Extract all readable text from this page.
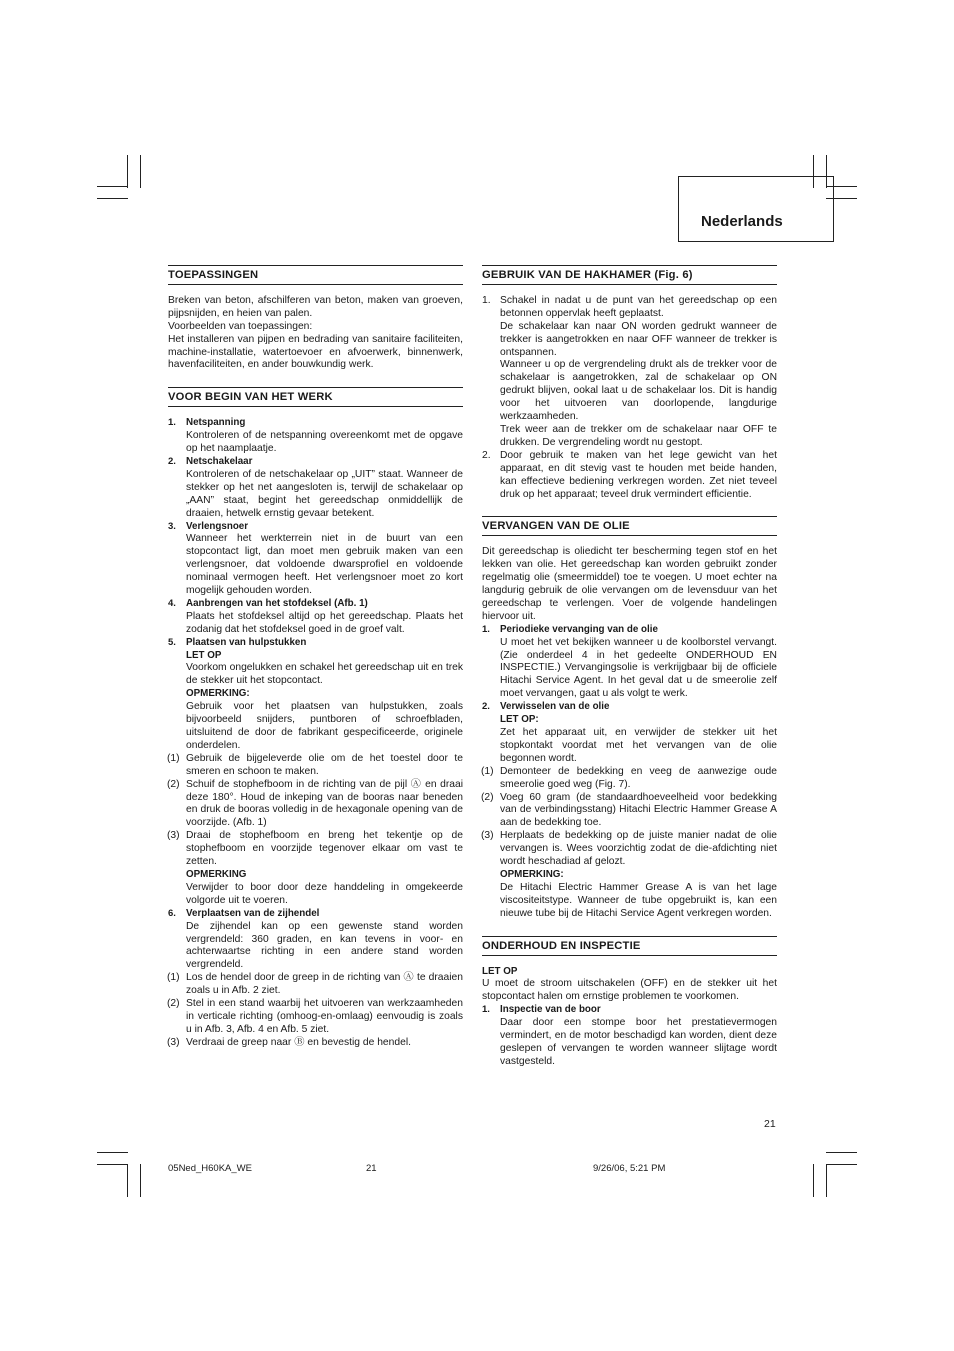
Nederlands
TOEPASSINGEN

Breken van beton, afschilferen van beton, maken van groeven, pijpsnijden, en heien van palen.

Voorbeelden van toepassingen:

Het installeren van pijpen en bedrading van sanitaire faciliteiten, machine-installatie, watertoevoer en afvoerwerk, binnenwerk, havenfaciliteiten, en ander bouwkundig werk.

VOOR BEGIN VAN HET WERK
1. Netspanning
Kontroleren of de netspanning overeenkomt met de opgave op het naamplaatje.
2. Netschakelaar
Kontroleren of de netschakelaar op „UIT” staat. Wanneer de stekker op het net aangesloten is, terwijl de schakelaar op „AAN” staat, begint het gereedschap onmiddellijk de draaien, hetwelk ernstig gevaar betekent.
3. Verlengsnoer
Wanneer het werkterrein niet in de buurt van een stopcontact ligt, dan moet men gebruik maken van een verlengsnoer, dat voldoende dwarsprofiel en voldoende nominaal vermogen heeft. Het verlengsnoer moet zo kort mogelijk gehouden worden.
4. Aanbrengen van het stofdeksel (Afb. 1)
Plaats het stofdeksel altijd op het gereedschap. Plaats het zodanig dat het stofdeksel goed in de groef valt.
5. Plaatsen van hulpstukken
LET OP
Voorkom ongelukken en schakel het gereedschap uit en trek de stekker uit het stopcontact.
OPMERKING:
Gebruik voor het plaatsen van hulpstukken, zoals bijvoorbeeld snijders, puntboren of schroefbladen, uitsluitend de door de fabrikant gespecificeerde, originele onderdelen.
(1) Gebruik de bijgeleverde olie om de het toestel door te smeren en schoon te maken.
(2) Schuif de stophefboom in de richting van de pijl Ⓐ en draai deze 180°. Houd de inkeping van de booras naar beneden en druk de booras volledig in de hexagonale opening van de voorzijde. (Afb. 1)
(3) Draai de stophefboom en breng het tekentje op de stophefboom en voorzijde tegenover elkaar om vast te zetten.
OPMERKING
Verwijder to boor door deze handdeling in omgekeerde volgorde uit te voeren.
6. Verplaatsen van de zijhendel
De zijhendel kan op een gewenste stand worden vergrendeld: 360 graden, en kan tevens in voor- en achterwaartse richting in een andere stand worden vergrendeld.
(1) Los de hendel door de greep in de richting van Ⓐ te draaien zoals u in Afb. 2 ziet.
(2) Stel in een stand waarbij het uitvoeren van werkzaamheden in verticale richting (omhoog-en-omlaag) eenvoudig is zoals u in Afb. 3, Afb. 4 en Afb. 5 ziet.
(3) Verdraai de greep naar Ⓑ en bevestig de hendel.
GEBRUIK VAN DE HAKHAMER (Fig. 6)
1. Schakel in nadat u de punt van het gereedschap op een betonnen oppervlak heeft geplaatst.
De schakelaar kan naar ON worden gedrukt wanneer de trekker is aangetrokken en naar OFF wanneer de trekker is ontspannen.
Wanneer u op de vergrendeling drukt als de trekker voor de schakelaar is aangetrokken, zal de schakelaar op ON gedrukt blijven, ookal laat u de schakelaar los. Dit is handig voor het uitvoeren van doorlopende, langdurige werkzaamheden.
Trek weer aan de trekker om de schakelaar naar OFF te drukken. De vergrendeling wordt nu gestopt.
2. Door gebruik te maken van het lege gewicht van het apparaat, en dit stevig vast te houden met beide handen, kan effectieve bediening verkregen worden. Zet niet teveel druk op het apparaat; teveel druk vermindert efficientie.
VERVANGEN VAN DE OLIE

Dit gereedschap is oliedicht ter bescherming tegen stof en het lekken van olie. Het gereedschap kan worden gebruikt zonder regelmatig olie (smeermiddel) toe te voegen. U moet echter na langdurig gebruik de olie vervangen om de levensduur van het gereedschap te verlengen. Voer de volgende handelingen hiervoor uit.

1. Periodieke vervanging van de olie
U moet het vet bekijken wanneer u de koolborstel vervangt. (Zie onderdeel 4 in het gedeelte ONDERHOUD EN INSPECTIE.) Vervangingsolie is verkrijgbaar bij de officiele Hitachi Service Agent. In het geval dat u de smeerolie zelf moet vervangen, gaat u als volgt te werk.
2. Verwisselen van de olie
LET OP:
Zet het apparaat uit, en verwijder de stekker uit het stopkontakt voordat met het vervangen van de olie begonnen wordt.
(1) Demonteer de bedekking en veeg de aanwezige oude smeerolie goed weg (Fig. 7).
(2) Voeg 60 gram (de standaardhoeveelheid voor bedekking van de verbindingsstang) Hitachi Electric Hammer Grease A aan de bedekking toe.
(3) Herplaats de bedekking op de juiste manier nadat de olie vervangen is. Wees voorzichtig zodat de die-afdichting niet wordt heschadiad af gelozt.
OPMERKING:
De Hitachi Electric Hammer Grease A is van het lage viscositeitstype. Wanneer de tube opgebruikt is, kan een nieuwe tube bij de Hitachi Service Agent verkregen worden.
ONDERHOUD EN INSPECTIE
LET OP

U moet de stroom uitschakelen (OFF) en de stekker uit het stopcontact halen om ernstige problemen te voorkomen.

1. Inspectie van de boor
Daar door een stompe boor het prestatievermogen vermindert, en de motor beschadigd kan worden, dient deze geslepen of vervangen te worden wanneer slijtage wordt vastgesteld.
21
05Ned_H60KA_WE	21	9/26/06, 5:21 PM
